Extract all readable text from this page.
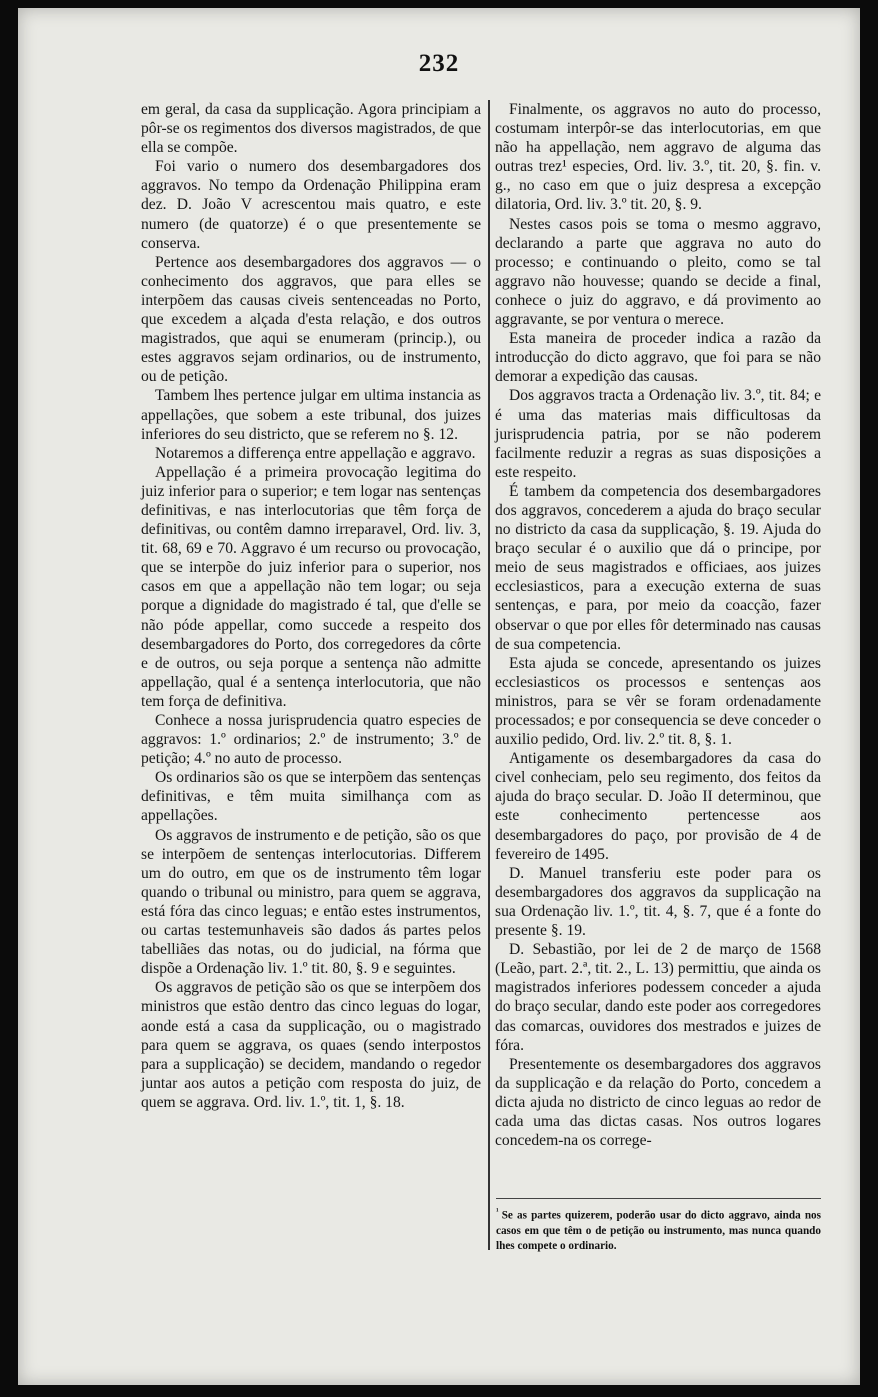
232

em geral, da casa da supplicação. Agora principiam a pôr-se os regimentos dos diversos magistrados, de que ella se compõe.

Foi vario o numero dos desembargadores dos aggravos. No tempo da Ordenação Philippina eram dez. D. João V acrescentou mais quatro, e este numero (de quatorze) é o que presentemente se conserva.

Pertence aos desembargadores dos aggravos — o conhecimento dos aggravos, que para elles se interpõem das causas civeis sentenceadas no Porto, que excedem a alçada d'esta relação, e dos outros magistrados, que aqui se enumeram (princip.), ou estes aggravos sejam ordinarios, ou de instrumento, ou de petição.

Tambem lhes pertence julgar em ultima instancia as appellações, que sobem a este tribunal, dos juizes inferiores do seu districto, que se referem no §. 12.

Notaremos a differença entre appellação e aggravo.

Appellação é a primeira provocação legitima do juiz inferior para o superior; e tem logar nas sentenças definitivas, e nas interlocutorias que têm força de definitivas, ou contêm damno irreparavel, Ord. liv. 3, tit. 68, 69 e 70. Aggravo é um recurso ou provocação, que se interpõe do juiz inferior para o superior, nos casos em que a appellação não tem logar; ou seja porque a dignidade do magistrado é tal, que d'elle se não póde appellar, como succede a respeito dos desembargadores do Porto, dos corregedores da côrte e de outros, ou seja porque a sentença não admitte appellação, qual é a sentença interlocutoria, que não tem força de definitiva.

Conhece a nossa jurisprudencia quatro especies de aggravos: 1.º ordinarios; 2.º de instrumento; 3.º de petição; 4.º no auto de processo.

Os ordinarios são os que se interpõem das sentenças definitivas, e têm muita similhança com as appellações.

Os aggravos de instrumento e de petição, são os que se interpõem de sentenças interlocutorias. Differem um do outro, em que os de instrumento têm logar quando o tribunal ou ministro, para quem se aggrava, está fóra das cinco leguas; e então estes instrumentos, ou cartas testemunhaveis são dados ás partes pelos tabelliães das notas, ou do judicial, na fórma que dispõe a Ordenação liv. 1.º tit. 80, §. 9 e seguintes.

Os aggravos de petição são os que se interpõem dos ministros que estão dentro das cinco leguas do logar, aonde está a casa da supplicação, ou o magistrado para quem se aggrava, os quaes (sendo interpostos para a supplicação) se decidem, mandando o regedor juntar aos autos a petição com resposta do juiz, de quem se aggrava. Ord. liv. 1.º, tit. 1, §. 18.

Finalmente, os aggravos no auto do processo, costumam interpôr-se das interlocutorias, em que não ha appellação, nem aggravo de alguma das outras trez¹ especies, Ord. liv. 3.º, tit. 20, §. fin. v. g., no caso em que o juiz despresa a excepção dilatoria, Ord. liv. 3.º tit. 20, §. 9.

Nestes casos pois se toma o mesmo aggravo, declarando a parte que aggrava no auto do processo; e continuando o pleito, como se tal aggravo não houvesse; quando se decide a final, conhece o juiz do aggravo, e dá provimento ao aggravante, se por ventura o merece.

Esta maneira de proceder indica a razão da introducção do dicto aggravo, que foi para se não demorar a expedição das causas.

Dos aggravos tracta a Ordenação liv. 3.º, tit. 84; e é uma das materias mais difficultosas da jurisprudencia patria, por se não poderem facilmente reduzir a regras as suas disposições a este respeito.

É tambem da competencia dos desembargadores dos aggravos, concederem a ajuda do braço secular no districto da casa da supplicação, §. 19. Ajuda do braço secular é o auxilio que dá o principe, por meio de seus magistrados e officiaes, aos juizes ecclesiasticos, para a execução externa de suas sentenças, e para, por meio da coacção, fazer observar o que por elles fôr determinado nas causas de sua competencia.

Esta ajuda se concede, apresentando os juizes ecclesiasticos os processos e sentenças aos ministros, para se vêr se foram ordenadamente processados; e por consequencia se deve conceder o auxilio pedido, Ord. liv. 2.º tit. 8, §. 1.

Antigamente os desembargadores da casa do civel conheciam, pelo seu regimento, dos feitos da ajuda do braço secular. D. João II determinou, que este conhecimento pertencesse aos desembargadores do paço, por provisão de 4 de fevereiro de 1495.

D. Manuel transferiu este poder para os desembargadores dos aggravos da supplicação na sua Ordenação liv. 1.º, tit. 4, §. 7, que é a fonte do presente §. 19.

D. Sebastião, por lei de 2 de março de 1568 (Leão, part. 2.ª, tit. 2., L. 13) permittiu, que ainda os magistrados inferiores podessem conceder a ajuda do braço secular, dando este poder aos corregedores das comarcas, ouvidores dos mestrados e juizes de fóra.

Presentemente os desembargadores dos aggravos da supplicação e da relação do Porto, concedem a dicta ajuda no districto de cinco leguas ao redor de cada uma das dictas casas. Nos outros logares concedem-na os correge-

$^{^1}$ Se as partes quizerem, poderão usar do dicto aggravo, ainda nos casos em que têm o de petição ou instrumento, mas nunca quando lhes compete o ordinario.
